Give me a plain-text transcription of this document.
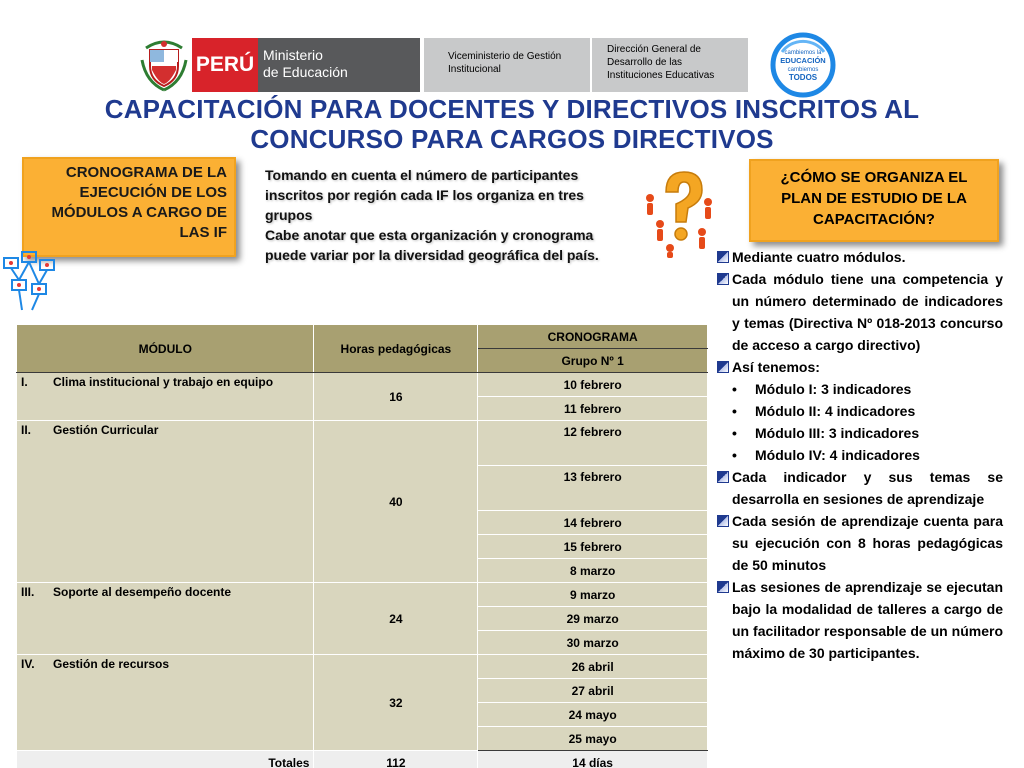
PERÚ Ministerio
de Educación
Viceministerio de Gestión
Institucional
Dirección General de
Desarrollo de las
Instituciones Educativas
cambiemos la
EDUCACIÓN
cambiemos
TODOS
CAPACITACIÓN PARA DOCENTES Y DIRECTIVOS INSCRITOS AL
CONCURSO PARA CARGOS DIRECTIVOS
CRONOGRAMA DE LA
EJECUCIÓN DE LOS
MÓDULOS A CARGO DE
LAS IF
Tomando en cuenta el número de participantes
inscritos por región cada IF los organiza en tres
grupos
Cabe anotar que esta organización y cronograma
puede variar por la diversidad geográfica del país.
¿CÓMO SE ORGANIZA EL
PLAN DE ESTUDIO DE LA
CAPACITACIÓN?
MÓDULO	Horas pedagógicas	CRONOGRAMA
		Grupo Nº 1
I. Clima institucional y trabajo en equipo	16	10 febrero
		11 febrero
II. Gestión Curricular	40	12 febrero
		13 febrero
		14 febrero
		15 febrero
		8 marzo
III. Soporte al desempeño docente	24	9 marzo
		29 marzo
		30 marzo
IV. Gestión de recursos	32	26 abril
		27 abril
		24 mayo
		25 mayo
Totales	112	14 días
Mediante cuatro módulos.
Cada módulo tiene una competencia y un número determinado de indicadores y temas (Directiva Nº 018-2013 concurso de acceso a cargo directivo)
Así tenemos:
• Módulo I: 3 indicadores
• Módulo II: 4 indicadores
• Módulo III: 3 indicadores
• Módulo IV: 4 indicadores
Cada indicador y sus temas se desarrolla en sesiones de aprendizaje
Cada sesión de aprendizaje cuenta para su ejecución con 8 horas pedagógicas de 50 minutos
Las sesiones de aprendizaje se ejecutan bajo la modalidad de talleres a cargo de un facilitador responsable de un número máximo de 30 participantes.
